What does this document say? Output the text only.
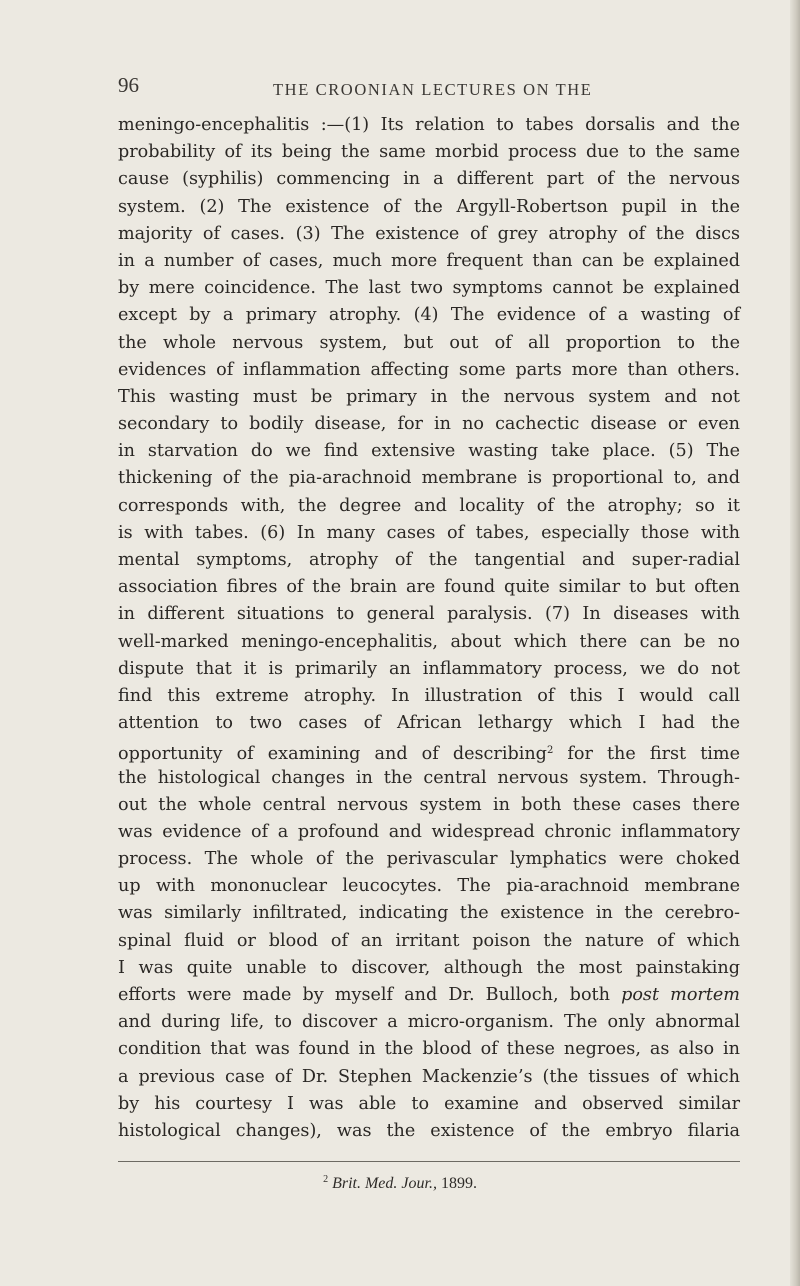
96	THE CROONIAN LECTURES ON THE
meningo-encephalitis :—(1) Its relation to tabes dorsalis and the
probability of its being the same morbid process due to the same
cause (syphilis) commencing in a different part of the nervous
system. (2) The existence of the Argyll-Robertson pupil in the
majority of cases. (3) The existence of grey atrophy of the discs
in a number of cases, much more frequent than can be explained
by mere coincidence. The last two symptoms cannot be explained
except by a primary atrophy. (4) The evidence of a wasting of
the whole nervous system, but out of all proportion to the
evidences of inflammation affecting some parts more than others.
This wasting must be primary in the nervous system and not
secondary to bodily disease, for in no cachectic disease or even
in starvation do we find extensive wasting take place. (5) The
thickening of the pia-arachnoid membrane is proportional to, and
corresponds with, the degree and locality of the atrophy; so it
is with tabes. (6) In many cases of tabes, especially those with
mental symptoms, atrophy of the tangential and super-radial
association fibres of the brain are found quite similar to but often
in different situations to general paralysis. (7) In diseases with
well-marked meningo-encephalitis, about which there can be no
dispute that it is primarily an inflammatory process, we do not
find this extreme atrophy. In illustration of this I would call
attention to two cases of African lethargy which I had the
opportunity of examining and of describing$^2$ for the first time
the histological changes in the central nervous system. Through-
out the whole central nervous system in both these cases there
was evidence of a profound and widespread chronic inflammatory
process. The whole of the perivascular lymphatics were choked
up with mononuclear leucocytes. The pia-arachnoid membrane
was similarly infiltrated, indicating the existence in the cerebro-
spinal fluid or blood of an irritant poison the nature of which
I was quite unable to discover, although the most painstaking
efforts were made by myself and Dr. Bulloch, both post mortem
and during life, to discover a micro-organism. The only abnormal
condition that was found in the blood of these negroes, as also in
a previous case of Dr. Stephen Mackenzie’s (the tissues of which
by his courtesy I was able to examine and observed similar
histological changes), was the existence of the embryo filaria
$^2$ Brit. Med. Jour., 1899.
